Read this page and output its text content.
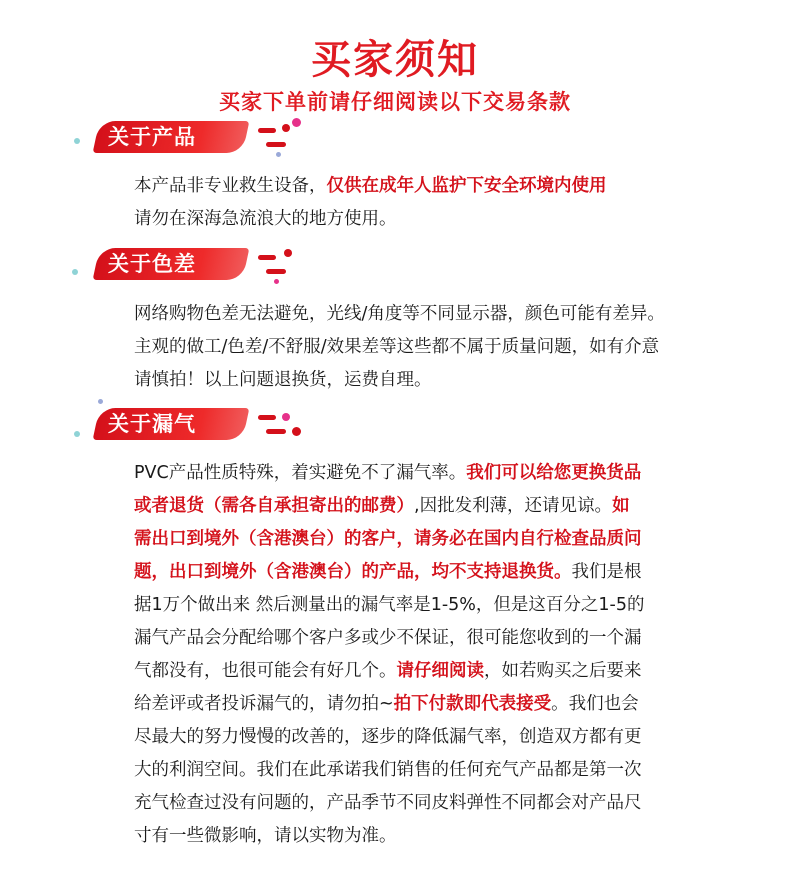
买家须知
买家下单前请仔细阅读以下交易条款
关于产品
本产品非专业救生设备，仅供在成年人监护下安全环境内使用
请勿在深海急流浪大的地方使用。
关于色差
网络购物色差无法避免，光线/角度等不同显示器，颜色可能有差异。
主观的做工/色差/不舒服/效果差等这些都不属于质量问题，如有介意
请慎拍！以上问题退换货，运费自理。
关于漏气
PVC产品性质特殊，着实避免不了漏气率。我们可以给您更换货品
或者退货（需各自承担寄出的邮费）,因批发利薄，还请见谅。如
需出口到境外（含港澳台）的客户，请务必在国内自行检查品质问
题，出口到境外（含港澳台）的产品，均不支持退换货。我们是根
据1万个做出来 然后测量出的漏气率是1-5%，但是这百分之1-5的
漏气产品会分配给哪个客户多或少不保证，很可能您收到的一个漏
气都没有，也很可能会有好几个。请仔细阅读，如若购买之后要来
给差评或者投诉漏气的，请勿拍~拍下付款即代表接受。我们也会
尽最大的努力慢慢的改善的，逐步的降低漏气率，创造双方都有更
大的利润空间。我们在此承诺我们销售的任何充气产品都是第一次
充气检查过没有问题的，产品季节不同皮料弹性不同都会对产品尺
寸有一些微影响，请以实物为准。
